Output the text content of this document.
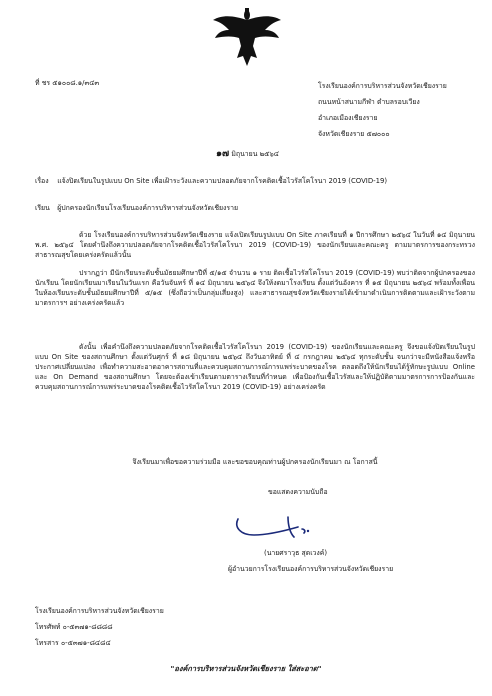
ที่ ชร ๕๑๐๐๘.๑/๓๔๓	โรงเรียนองค์การบริหารส่วนจังหวัดเชียงราย
ถนนหน้าสนามกีฬา ตำบลรอบเวียง
อำเภอเมืองเชียงราย
จังหวัดเชียงราย ๕๗๐๐๐
๑๗ มิถุนายน ๒๕๖๔
เรื่อง แจ้งปิดเรียนในรูปแบบ On Site เพื่อเฝ้าระวังและความปลอดภัยจากโรคติดเชื้อไวรัสโคโรนา 2019 (COVID-19)
เรียน ผู้ปกครองนักเรียนโรงเรียนองค์การบริหารส่วนจังหวัดเชียงราย
ด้วย โรงเรียนองค์การบริหารส่วนจังหวัดเชียงราย แจ้งเปิดเรียนรูปแบบ On Site ภาคเรียนที่ ๑ ปีการศึกษา ๒๕๖๔ ในวันที่ ๑๔ มิถุนายน พ.ศ. ๒๕๖๔ โดยคำนึงถึงความปลอดภัยจากโรคติดเชื้อไวรัสโคโรนา 2019 (COVID-19) ของนักเรียนและคณะครู ตามมาตรการของกระทรวงสาธารณสุขโดยเคร่งครัดแล้วนั้น
ปรากฏว่า มีนักเรียนระดับชั้นมัธยมศึกษาปีที่ ๕/๑๕ จำนวน ๑ ราย ติดเชื้อไวรัสโคโรนา 2019 (COVID-19) พบว่าติดจากผู้ปกครองของนักเรียน โดยนักเรียนมาเรียนในวันแรก คือวันจันทร์ ที่ ๑๔ มิถุนายน ๒๕๖๔ จึงให้งดมาโรงเรียน ตั้งแต่วันอังคาร ที่ ๑๕ มิถุนายน ๒๕๖๔ พร้อมทั้งเพื่อนในห้องเรียนระดับชั้นมัธยมศึกษาปีที่ ๕/๑๕ (ซึ่งถือว่าเป็นกลุ่มเสี่ยงสูง) และสาธารณสุขจังหวัดเชียงรายได้เข้ามาดำเนินการติดตามและเฝ้าระวังตามมาตรการฯ อย่างเคร่งครัดแล้ว
ดังนั้น เพื่อคำนึงถึงความปลอดภัยจากโรคติดเชื้อไวรัสโคโรนา 2019 (COVID-19) ของนักเรียนและคณะครู จึงขอแจ้งปิดเรียนในรูปแบบ On Site ของสถานศึกษา ตั้งแต่วันศุกร์ ที่ ๑๘ มิถุนายน ๒๕๖๔ ถึงวันอาทิตย์ ที่ ๔ กรกฎาคม ๒๕๖๔ ทุกระดับชั้น จนกว่าจะมีหนังสือแจ้งหรือประกาศเปลี่ยนแปลง เพื่อทำความสะอาดอาคารสถานที่และควบคุมสถานการณ์การแพร่ระบาดของโรค ตลอดถึงให้นักเรียนได้รู้ทักษะรูปแบบ Online และ On Demand ของสถานศึกษา โดยจะต้องเข้าเรียนตามตารางเรียนที่กำหนด เพื่อป้องกันเชื้อไวรัสและให้ปฏิบัติตามมาตรการการป้องกันและควบคุมสถานการณ์การแพร่ระบาดของโรคติดเชื้อไวรัสโคโรนา 2019 (COVID-19) อย่างเคร่งครัด
จึงเรียนมาเพื่อขอความร่วมมือ และขอขอบคุณท่านผู้ปกครองนักเรียนมา ณ โอกาสนี้
ขอแสดงความนับถือ
(นายศราวุธ สุดเวงค์)
ผู้อำนวยการโรงเรียนองค์การบริหารส่วนจังหวัดเชียงราย
โรงเรียนองค์การบริหารส่วนจังหวัดเชียงราย
โทรศัพท์ ๐-๕๓๗๑-๘๘๘๘
โทรสาร ๐-๕๓๗๑-๘๔๘๔
"องค์การบริหารส่วนจังหวัดเชียงราย ใส่สะอาด"
